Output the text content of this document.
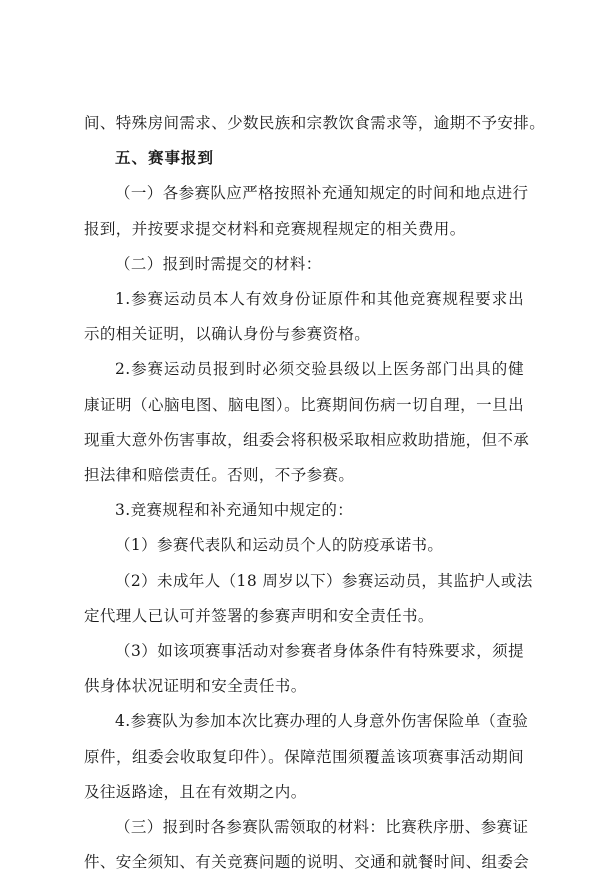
间、特殊房间需求、少数民族和宗教饮食需求等，逾期不予安排。
五、赛事报到
（一）各参赛队应严格按照补充通知规定的时间和地点进行
报到，并按要求提交材料和竞赛规程规定的相关费用。
（二）报到时需提交的材料：
1.参赛运动员本人有效身份证原件和其他竞赛规程要求出
示的相关证明，以确认身份与参赛资格。
2.参赛运动员报到时必须交验县级以上医务部门出具的健
康证明（心脑电图、脑电图）。比赛期间伤病一切自理，一旦出
现重大意外伤害事故，组委会将积极采取相应救助措施，但不承
担法律和赔偿责任。否则，不予参赛。
3.竞赛规程和补充通知中规定的：
（1）参赛代表队和运动员个人的防疫承诺书。
（2）未成年人（18 周岁以下）参赛运动员，其监护人或法
定代理人已认可并签署的参赛声明和安全责任书。
（3）如该项赛事活动对参赛者身体条件有特殊要求，须提
供身体状况证明和安全责任书。
4.参赛队为参加本次比赛办理的人身意外伤害保险单（查验
原件，组委会收取复印件）。保障范围须覆盖该项赛事活动期间
及往返路途，且在有效期之内。
（三）报到时各参赛队需领取的材料：比赛秩序册、参赛证
件、安全须知、有关竞赛问题的说明、交通和就餐时间、组委会
